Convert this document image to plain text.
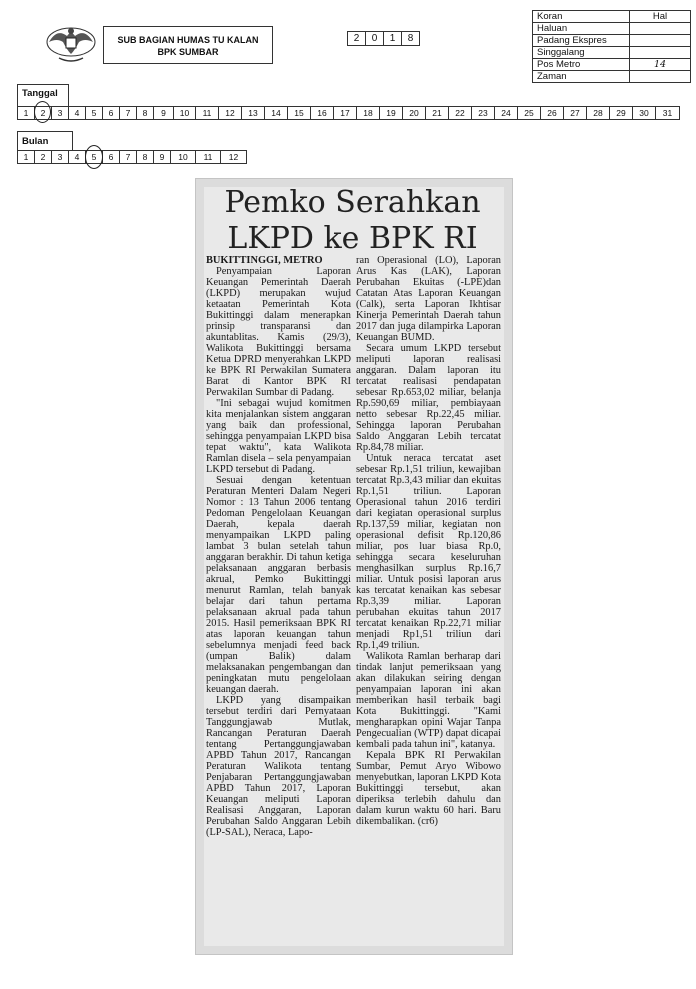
SUB BAGIAN HUMAS TU KALAN
BPK SUMBAR
2	0	1	8
Koran	Hal
Haluan	
Padang Ekspres	
Singgalang	
Pos Metro	14
Zaman	
Tanggal
1	2	3	4	5	6	7	8	9	10	11	12	13	14	15	16	17	18	19	20	21	22	23	24	25	26	27	28	29	30	31
Bulan
1	2	3	4	5	6	7	8	9	10	11	12
Pemko Serahkan
LKPD ke BPK RI

BUKITTINGGI, METRO

Penyampaian Laporan Keuangan Pemerintah Daerah (LKPD) merupakan wujud ketaatan Pemerintah Kota Bukittinggi dalam menerapkan prinsip transparansi dan akuntablitas. Kamis (29/3), Walikota Bukittinggi bersama Ketua DPRD menyerahkan LKPD ke BPK RI Perwakilan Sumatera Barat di Kantor BPK RI Perwakilan Sumbar di Padang.

"Ini sebagai wujud komitmen kita menjalankan sistem anggaran yang baik dan professional, sehingga penyampaian LKPD bisa tepat waktu", kata Walikota Ramlan disela – sela penyampaian LKPD tersebut di Padang.

Sesuai dengan ketentuan Peraturan Menteri Dalam Negeri Nomor : 13 Tahun 2006 tentang Pedoman Pengelolaan Keuangan Daerah, kepala daerah menyampaikan LKPD paling lambat 3 bulan setelah tahun anggaran berakhir. Di tahun ketiga pelaksanaan anggaran berbasis akrual, Pemko Bukittinggi menurut Ramlan, telah banyak belajar dari tahun pertama pelaksanaan akrual pada tahun 2015. Hasil pemeriksaan BPK RI atas laporan keuangan tahun sebelumnya menjadi feed back (umpan Balik) dalam melaksanakan pengembangan dan peningkatan mutu pengelolaan keuangan daerah.

LKPD yang disampaikan tersebut terdiri dari Pernyataan Tanggungjawab Mutlak, Rancangan Peraturan Daerah tentang Pertanggungjawaban APBD Tahun 2017, Rancangan Peraturan Walikota tentang Penjabaran Pertanggungjawaban APBD Tahun 2017, Laporan Keuangan meliputi Laporan Realisasi Anggaran, Laporan Perubahan Saldo Anggaran Lebih (LP-SAL), Neraca, Lapo-

ran Operasional (LO), Laporan Arus Kas (LAK), Laporan Perubahan Ekuitas (-LPE)dan Catatan Atas Laporan Keuangan (Calk), serta Laporan Ikhtisar Kinerja Pemerintah Daerah tahun 2017 dan juga dilampirka Laporan Keuangan BUMD.

Secara umum LKPD tersebut meliputi laporan realisasi anggaran. Dalam laporan itu tercatat realisasi pendapatan sebesar Rp.653,02 miliar, belanja Rp.590,69 miliar, pembiayaan netto sebesar Rp.22,45 miliar. Sehingga laporan Perubahan Saldo Anggaran Lebih tercatat Rp.84,78 miliar.

Untuk neraca tercatat aset sebesar Rp.1,51 triliun, kewajiban tercatat Rp.3,43 miliar dan ekuitas Rp.1,51 triliun. Laporan Operasional tahun 2016 terdiri dari kegiatan operasional surplus Rp.137,59 miliar, kegiatan non operasional defisit Rp.120,86 miliar, pos luar biasa Rp.0, sehingga secara keseluruhan menghasilkan surplus Rp.16,7 miliar. Untuk posisi laporan arus kas tercatat kenaikan kas sebesar Rp.3,39 miliar. Laporan perubahan ekuitas tahun 2017 tercatat kenaikan Rp.22,71 miliar menjadi Rp1,51 triliun dari Rp.1,49 triliun.

Walikota Ramlan berharap dari tindak lanjut pemeriksaan yang akan dilakukan seiring dengan penyampaian laporan ini akan memberikan hasil terbaik bagi Kota Bukittinggi. "Kami mengharapkan opini Wajar Tanpa Pengecualian (WTP) dapat dicapai kembali pada tahun ini", katanya.

Kepala BPK RI Perwakilan Sumbar, Pemut Aryo Wibowo menyebutkan, laporan LKPD Kota Bukittinggi tersebut, akan diperiksa terlebih dahulu dan dalam kurun waktu 60 hari. Baru dikembalikan. (cr6)
